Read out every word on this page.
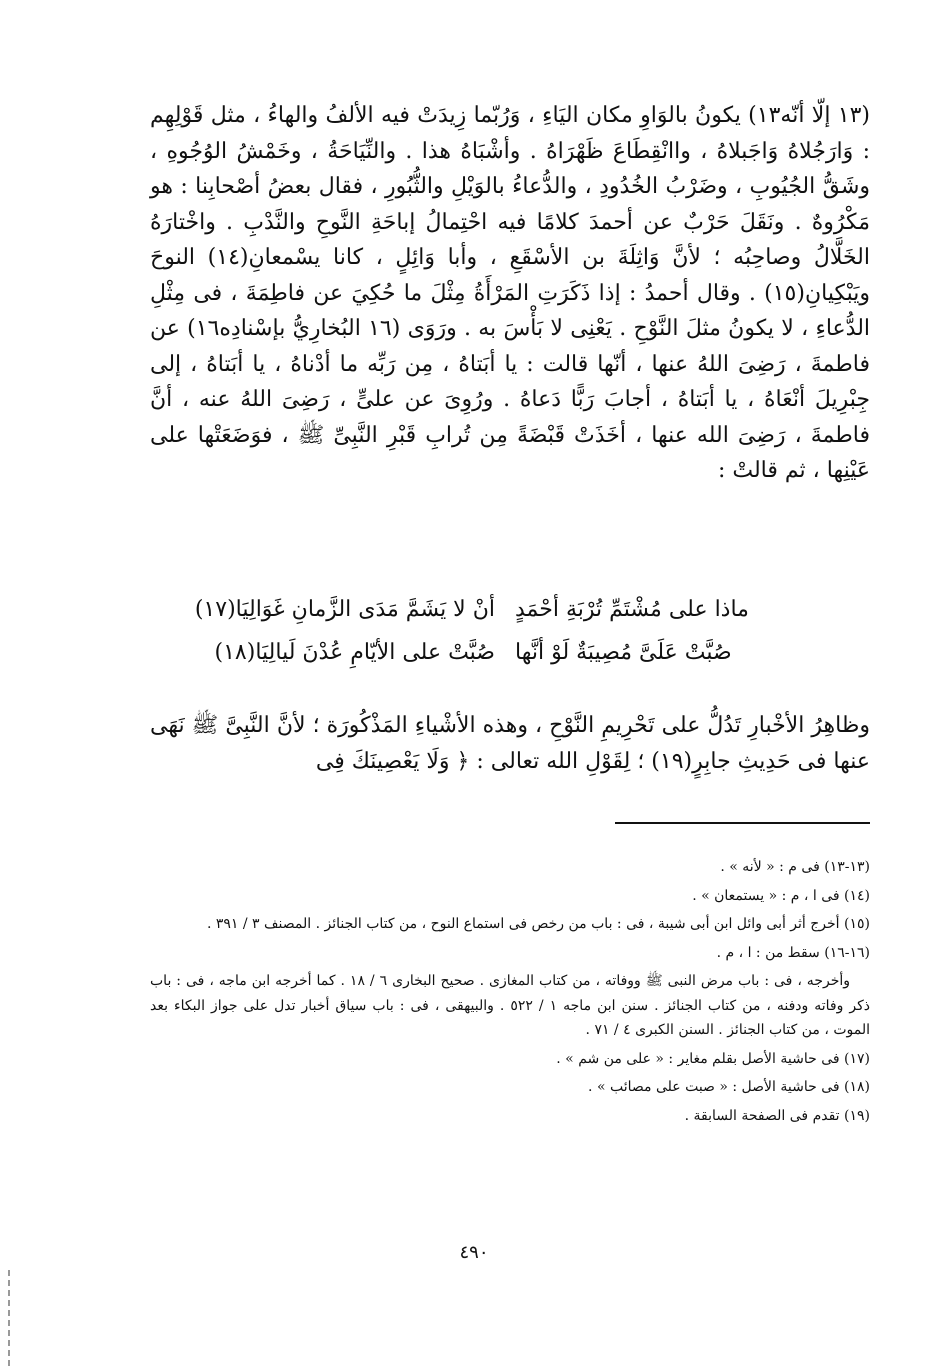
(١٣ إلّا أنّه١٣) يكونُ بالوَاوِ مكان اليَاءِ ، وَرُبّما زِيدَتْ فيه الألفُ والهاءُ ، مثل قَوْلِهِم : وَارَجُلاهُ وَاجَبلاهُ ، واانْقِطَاعَ ظَهْرَاهُ . وأشْبَاهُ هذا . والنِّيَاحَةُ ، وخَمْشُ الوُجُوهِ ، وشَقُّ الجُيُوبِ ، وضَرْبُ الخُدُودِ ، والدُّعاءُ بالوَيْلِ والثُّبُورِ ، فقال بعضُ أصْحابِنا : هو مَكْرُوهٌ . ونَقَلَ حَرْبٌ عن أحمدَ كلامًا فيه احْتِمالُ إباحَةِ النَّوحِ والنَّدْبِ . واخْتارَهُ الخَلَّالُ وصاحِبُه ؛ لأنَّ وَاثِلَةَ بن الأسْقَعِ ، وأبا وَائِلٍ ، كانا يسْمعانِ(١٤) النوحَ ويَبْكِيانِ(١٥) . وقال أحمدُ : إذا ذَكَرَتِ المَرْأَةُ مِثْلَ ما حُكِيَ عن فاطِمَةَ ، فى مِثْلِ الدُّعاءِ ، لا يكونُ مثلَ النَّوْحِ . يَعْنِى لا بَأْسَ به . ورَوَى (١٦ البُخارِيُّ بإسْنادِه١٦) عن فاطمةَ ، رَضِىَ اللهُ عنها ، أنّها قالت : يا أبَتاهُ ، مِن رَبِّه ما أدْناهُ ، يا أبَتاهُ ، إلى جِبْرِيلَ أنْعَاهُ ، يا أبَتاهُ ، أجابَ رَبًّا دَعاهُ . ورُوِىَ عن علىٍّ ، رَضِىَ اللهُ عنه ، أنَّ فاطمةَ ، رَضِىَ الله عنها ، أخَذَتْ قَبْضَةً مِن تُرابِ قَبْرِ النَّبِىِّ ﷺ ، فوَضَعَتْها على عَيْنِها ، ثم قالتْ :

ماذا على مُشْتَمِّ تُرْبَةِ أحْمَدٍ
أنْ لا يَشَمَّ مَدَى الزَّمانِ غَوَالِيَا(١٧)
صُبَّتْ عَلَىَّ مُصِيبَةٌ لَوْ أنَّها
صُبَّتْ على الأيّامِ عُدْنَ لَيالِيَا(١٨)

وظاهِرُ الأخْبارِ تَدُلُّ على تَحْرِيمِ النَّوْحِ ، وهذه الأشْياءِ المَذْكُورَة ؛ لأنَّ النَّبِىَّ ﷺ نَهَى عنها فى حَدِيثِ جابِرٍ(١٩) ؛ لِقَوْلِ الله تعالى : ﴿ وَلَا يَعْصِينَكَ فِى

(١٣-١٣) فى م : « لأنه » .

(١٤) فى ا ، م : « يستمعان » .

(١٥) أخرج أثر أبى وائل ابن أبى شيبة ، فى : باب من رخص فى استماع النوح ، من كتاب الجنائز . المصنف ٣ / ٣٩١ .

(١٦-١٦) سقط من : ا ، م .

وأخرجه ، فى : باب مرض النبى ﷺ ووفاته ، من كتاب المغازى . صحيح البخارى ٦ / ١٨ . كما أخرجه ابن ماجه ، فى : باب ذكر وفاته ودفنه ، من كتاب الجنائز . سنن ابن ماجه ١ / ٥٢٢ . والبيهقى ، فى : باب سياق أخبار تدل على جواز البكاء بعد الموت ، من كتاب الجنائز . السنن الكبرى ٤ / ٧١ .

(١٧) فى حاشية الأصل بقلم مغاير : « على من شم » .

(١٨) فى حاشية الأصل : « صبت على مصائب » .

(١٩) تقدم فى الصفحة السابقة .

٤٩٠
